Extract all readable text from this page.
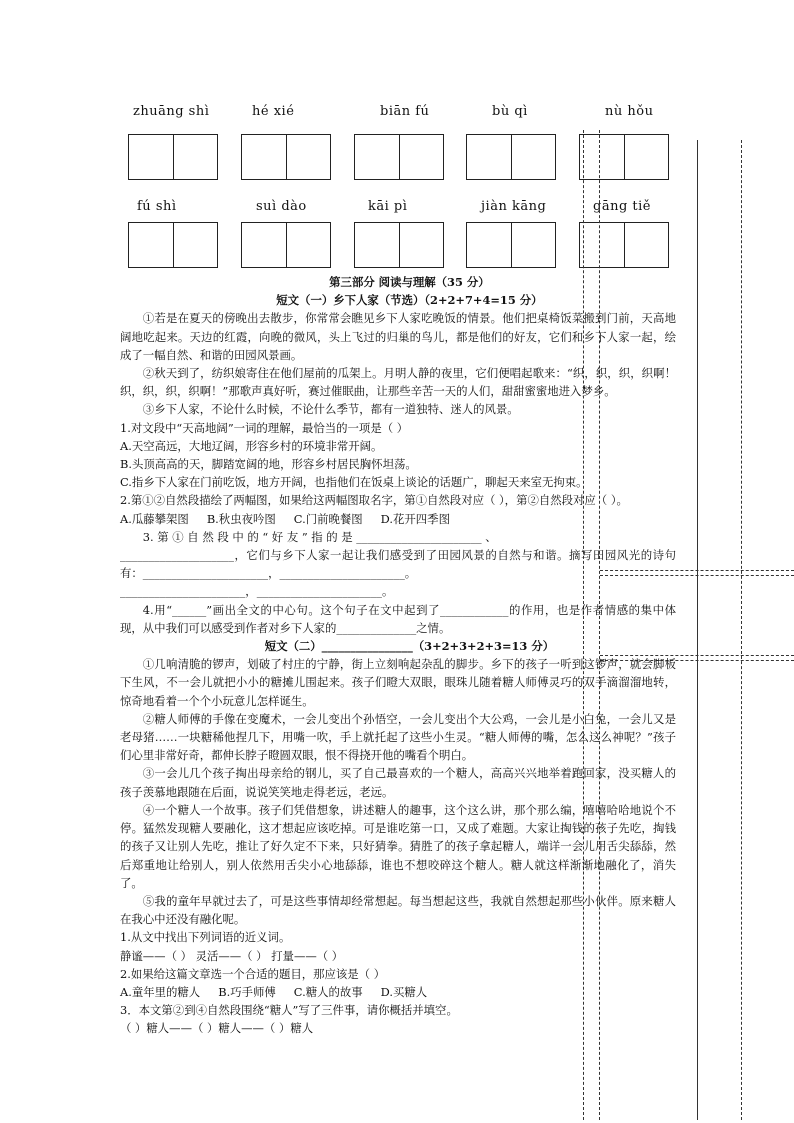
zhuāng shì	hé xié	biān fú	bù qì	nù hǒu
fú shì	suì dào	kāi pì	jiàn kāng	gāng tiě

第三部分 阅读与理解（35 分）

短文（一）乡下人家（节选）（2+2+7+4=15 分）

①若是在夏天的傍晚出去散步，你常常会瞧见乡下人家吃晚饭的情景。他们把桌椅饭菜搬到门前，天高地阔地吃起来。天边的红霞，向晚的微风，头上飞过的归巢的鸟儿，都是他们的好友，它们和乡下人家一起，绘成了一幅自然、和谐的田园风景画。

②秋天到了，纺织娘寄住在他们屋前的瓜架上。月明人静的夜里，它们便唱起歌来：“织，织，织，织啊！织，织，织，织啊！”那歌声真好听，赛过催眠曲，让那些辛苦一天的人们，甜甜蜜蜜地进入梦乡。

③乡下人家，不论什么时候，不论什么季节，都有一道独特、迷人的风景。

1.对文段中“天高地阔”一词的理解，最恰当的一项是（ ）

A.天空高远，大地辽阔，形容乡村的环境非常开阔。

B.头顶高高的天，脚踏宽阔的地，形容乡村居民胸怀坦荡。

C.指乡下人家在门前吃饭，地方开阔，也指他们在饭桌上谈论的话题广，聊起天来室无拘束。

2.第①②自然段描绘了两幅图，如果给这两幅图取名字，第①自然段对应（ ），第②自然段对应（ ）。

A.瓜藤攀架图 B.秋虫夜吟图 C.门前晚餐图 D.花开四季图

3. 第 ① 自 然 段 中 的 “ 好 友 ” 指 的 是 ______________________ 、

____________________，它们与乡下人家一起让我们感受到了田园风景的自然与和谐。摘写田园风光的诗句有：______________________，______________________。

______________________，______________________。

4.用“______”画出全文的中心句。这个句子在文中起到了____________的作用，也是作者情感的集中体现，从中我们可以感受到作者对乡下人家的______________之情。

短文（二）________________（3+2+3+2+3=13 分）

①几响清脆的锣声，划破了村庄的宁静，街上立刻响起杂乱的脚步。乡下的孩子一听到这锣声，就会脚板下生风，不一会儿就把小小的糖摊儿围起来。孩子们瞪大双眼，眼珠儿随着糖人师傅灵巧的双手滴溜溜地转，惊奇地看着一个个小玩意儿怎样诞生。

②糖人师傅的手像在变魔术，一会儿变出个孙悟空，一会儿变出个大公鸡，一会儿是小白兔，一会儿又是老母猪……一块糖稀他捏几下，用嘴一吹，手上就托起了这些小生灵。“糖人师傅的嘴，怎么这么神呢？”孩子们心里非常好奇，都伸长脖子瞪圆双眼，恨不得挠开他的嘴看个明白。

③一会儿几个孩子掏出母亲给的钢儿，买了自己最喜欢的一个糖人，高高兴兴地举着跑回家，没买糖人的孩子羡慕地跟随在后面，说说笑笑地走得老远，老远。

④一个糖人一个故事。孩子们凭借想象，讲述糖人的趣事，这个这么讲，那个那么编，嘻嘻哈哈地说个不停。猛然发现糖人要融化，这才想起应该吃掉。可是谁吃第一口，又成了难题。大家让掏钱的孩子先吃，掏钱的孩子又让别人先吃，推让了好久定不下来，只好猜拳。猜胜了的孩子拿起糖人，端详一会儿用舌尖舔舔，然后郑重地让给别人，别人依然用舌尖小心地舔舔，谁也不想咬碎这个糖人。糖人就这样渐渐地融化了，消失了。

⑤我的童年早就过去了，可是这些事情却经常想起。每当想起这些，我就自然想起那些小伙伴。原来糖人在我心中还没有融化呢。

1.从文中找出下列词语的近义词。

静谧——（ ） 灵活——（ ） 打量——（ ）

2.如果给这篇文章选一个合适的题目，那应该是（ ）

A.童年里的糖人 B.巧手师傅 C.糖人的故事 D.买糖人

3．本文第②到④自然段围绕“糖人”写了三件事，请你概括并填空。

（ ）糖人——（ ）糖人——（ ）糖人
